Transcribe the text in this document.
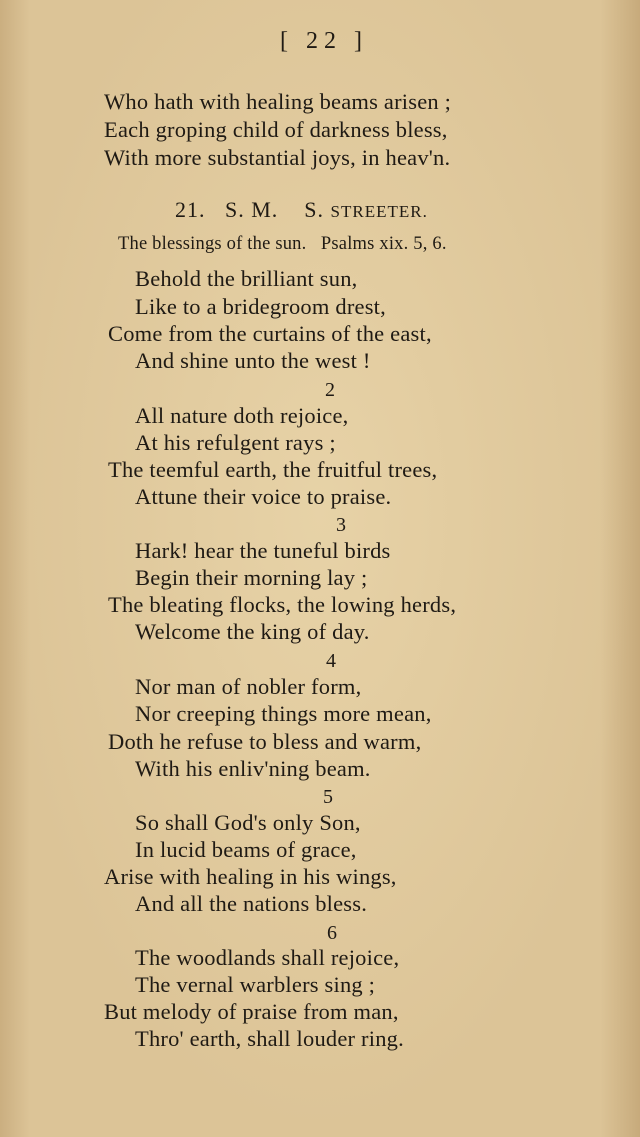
[ 22 ]
Who hath with healing beams arisen ;
Each groping child of darkness bless,
With more substantial joys, in heav'n.
21. S. M. S. STREETER.
The blessings of the sun. Psalms xix. 5, 6.
Behold the brilliant sun,
Like to a bridegroom drest,
Come from the curtains of the east,
And shine unto the west !
2
All nature doth rejoice,
At his refulgent rays ;
The teemful earth, the fruitful trees,
Attune their voice to praise.
3
Hark! hear the tuneful birds
Begin their morning lay ;
The bleating flocks, the lowing herds,
Welcome the king of day.
4
Nor man of nobler form,
Nor creeping things more mean,
Doth he refuse to bless and warm,
With his enliv'ning beam.
5
So shall God's only Son,
In lucid beams of grace,
Arise with healing in his wings,
And all the nations bless.
6
The woodlands shall rejoice,
The vernal warblers sing ;
But melody of praise from man,
Thro' earth, shall louder ring.
